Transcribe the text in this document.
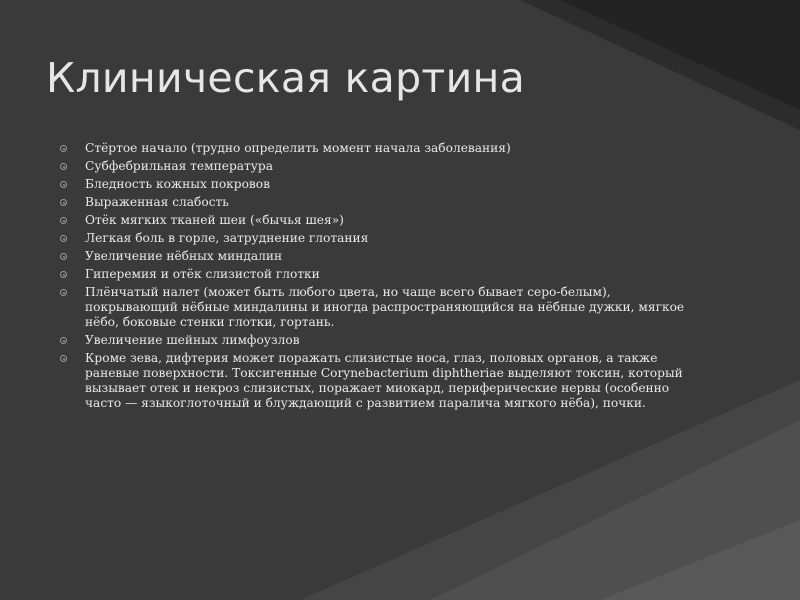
Клиническая картина
Стёртое начало (трудно определить момент начала заболевания)
Субфебрильная температура
Бледность кожных покровов
Выраженная слабость
Отёк мягких тканей шеи («бычья шея»)
Легкая боль в горле, затруднение глотания
Увеличение нёбных миндалин
Гиперемия и отёк слизистой глотки
Плёнчатый налет (может быть любого цвета, но чаще всего бывает серо-белым), покрывающий нёбные миндалины и иногда распространяющийся на нёбные дужки, мягкое нёбо, боковые стенки глотки, гортань.
Увеличение шейных лимфоузлов
Кроме зева, дифтерия может поражать слизистые носа, глаз, половых органов, а также раневые поверхности. Токсигенные Corynebacterium diphtheriae выделяют токсин, который вызывает отек и некроз слизистых, поражает миокард, периферические нервы (особенно часто — языкоглоточный и блуждающий с развитием паралича мягкого нёба), почки.
